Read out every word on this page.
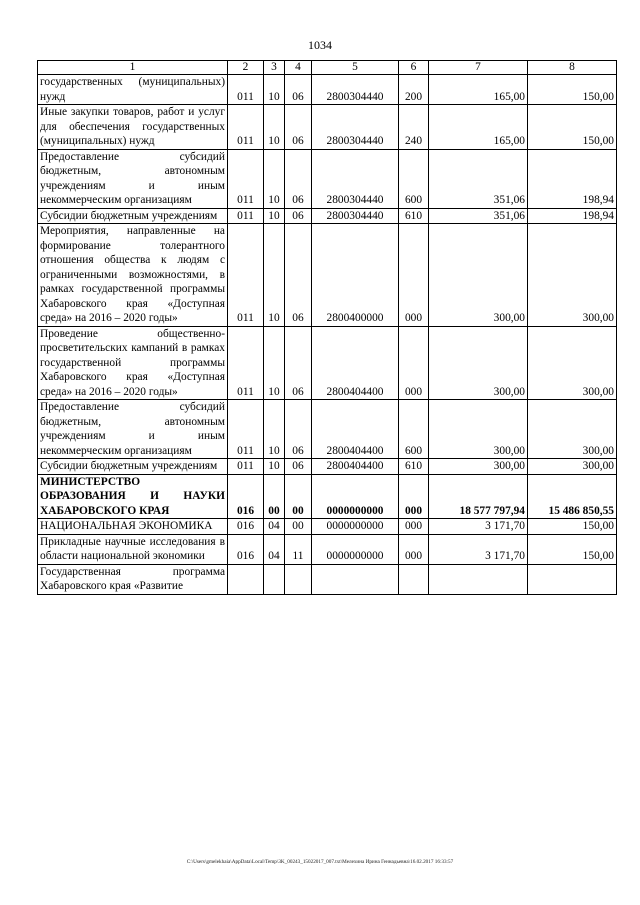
1034
1	2	3	4	5	6	7	8
государственных (муниципальных) нужд	011	10	06	2800304440	200	165,00	150,00
Иные закупки товаров, работ и услуг для обеспечения государственных (муниципальных) нужд	011	10	06	2800304440	240	165,00	150,00
Предоставление субсидий бюджетным, автономным учреждениям и иным некоммерческим организациям	011	10	06	2800304440	600	351,06	198,94
Субсидии бюджетным учреждениям	011	10	06	2800304440	610	351,06	198,94
Мероприятия, направленные на формирование толерантного отношения общества к людям с ограниченными возможностями, в рамках государственной программы Хабаровского края «Доступная среда» на 2016 – 2020 годы»	011	10	06	2800400000	000	300,00	300,00
Проведение общественно-просветительских кампаний в рамках государственной программы Хабаровского края «Доступная среда» на 2016 – 2020 годы»	011	10	06	2800404400	000	300,00	300,00
Предоставление субсидий бюджетным, автономным учреждениям и иным некоммерческим организациям	011	10	06	2800404400	600	300,00	300,00
Субсидии бюджетным учреждениям	011	10	06	2800404400	610	300,00	300,00
МИНИСТЕРСТВО ОБРАЗОВАНИЯ И НАУКИ ХАБАРОВСКОГО КРАЯ	016	00	00	0000000000	000	18 577 797,94	15 486 850,55
НАЦИОНАЛЬНАЯ ЭКОНОМИКА	016	04	00	0000000000	000	3 171,70	150,00
Прикладные научные исследования в области национальной экономики	016	04	11	0000000000	000	3 171,70	150,00
Государственная программа Хабаровского края «Развитие							
C:\Users\gmelekhaia\AppData\Local\Temp\3K_00243_15022017_007.txt\Мелехина Ирина Геннадьевна\16.02.2017 16:33:57
